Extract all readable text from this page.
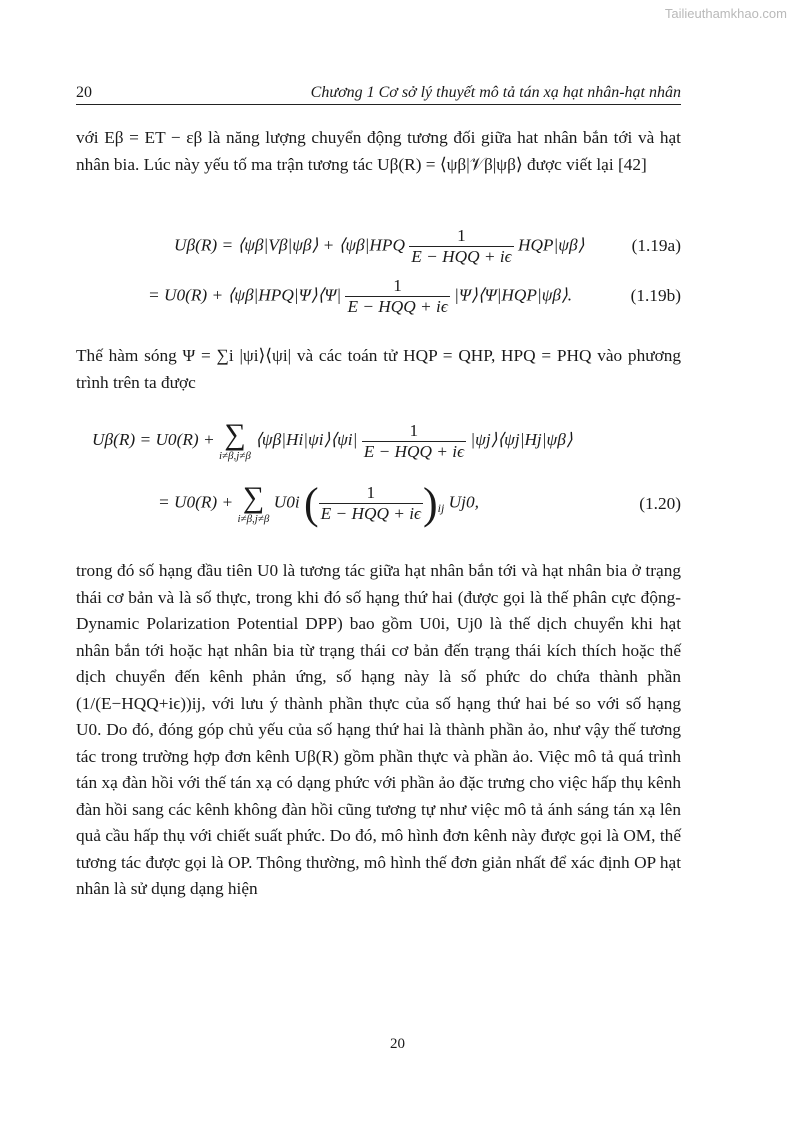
Tailieuthamkhao.com
20	Chương 1 Cơ sở lý thuyết mô tả tán xạ hạt nhân-hạt nhân
với Eβ = ET − εβ là năng lượng chuyển động tương đối giữa hat nhân bắn tới và hạt nhân bia. Lúc này yếu tố ma trận tương tác Uβ(R) = ⟨ψβ|𝒱β|ψβ⟩ được viết lại [42]
Uβ(R) = ⟨ψβ|Vβ|ψβ⟩ + ⟨ψβ|HPQ $\frac{1}{\text{E − HQQ + iϵ}}$ HQP|ψβ⟩	(1.19a)
= U0(R) + ⟨ψβ|HPQ|Ψ⟩⟨Ψ| $\frac{1}{\text{E − HQQ + iϵ}}$ |Ψ⟩⟨Ψ|HQP|ψβ⟩.	(1.19b)
Thế hàm sóng Ψ = ∑i |ψi⟩⟨ψi| và các toán tử HQP = QHP, HPQ = PHQ vào phương trình trên ta được
Uβ(R) = U0(R) + ∑
i≠β,j≠β
⟨ψβ|Hi|ψi⟩⟨ψi| $\frac{1}{\text{E − HQQ + iϵ}}$ |ψj⟩⟨ψj|Hj|ψβ⟩
= U0(R) + ∑
i≠β,j≠β
U0i ( $\frac{1}{\text{E − HQQ + iϵ}} )_{ij}$ Uj0,	(1.20)
trong đó số hạng đầu tiên U0 là tương tác giữa hạt nhân bắn tới và hạt nhân bia ở trạng thái cơ bản và là số thực, trong khi đó số hạng thứ hai (được gọi là thế phân cực động-Dynamic Polarization Potential DPP) bao gồm U0i, Uj0 là thế dịch chuyển khi hạt nhân bắn tới hoặc hạt nhân bia từ trạng thái cơ bản đến trạng thái kích thích hoặc thế dịch chuyển đến kênh phản ứng, số hạng này là số phức do chứa thành phần (1/(E−HQQ+iϵ))ij, với lưu ý thành phần thực của số hạng thứ hai bé so với số hạng U0. Do đó, đóng góp chủ yếu của số hạng thứ hai là thành phần ảo, như vậy thế tương tác trong trường hợp đơn kênh Uβ(R) gồm phần thực và phần ảo. Việc mô tả quá trình tán xạ đàn hồi với thế tán xạ có dạng phức với phần ảo đặc trưng cho việc hấp thụ kênh đàn hồi sang các kênh không đàn hồi cũng tương tự như việc mô tả ánh sáng tán xạ lên quả cầu hấp thụ với chiết suất phức. Do đó, mô hình đơn kênh này được gọi là OM, thế tương tác được gọi là OP. Thông thường, mô hình thế đơn giản nhất để xác định OP hạt nhân là sử dụng dạng hiện
20
